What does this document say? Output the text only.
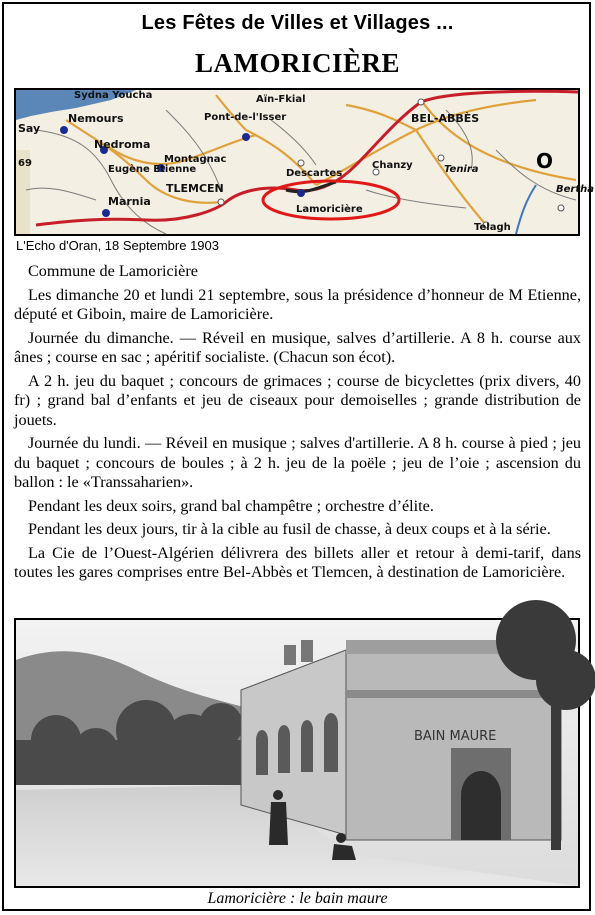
Les Fêtes de Villes et Villages ...
LAMORICIÈRE
Sydna Youcha
Nemours
Say
Nedroma
Eugène Etienne
Montagnac
Marnia
TLEMCEN
Pont-de-l'Isser
Aïn-Fkial
Descartes
Lamoricière
Chanzy	Tenira
BEL-ABBÈS
Telagh
Bertha
69	O
L'Echo d'Oran, 18 Septembre 1903

Commune de Lamoricière

Les dimanche 20 et lundi 21 septembre, sous la présidence d’honneur de M Etienne, député et Giboin, maire de Lamoricière.

Journée du dimanche. — Réveil en musique, salves d’artillerie. A 8 h. course aux ânes ; course en sac ; apéritif socialiste. (Chacun son écot).

A 2 h. jeu du baquet ; concours de grimaces ; course de bicyclettes (prix divers, 40 fr) ; grand bal d’enfants et jeu de ciseaux pour demoiselles ; grande distribution de jouets.

Journée du lundi. — Réveil en musique ; salves d'artillerie. A 8 h. course à pied ; jeu du baquet ; concours de boules ; à 2 h. jeu de la poële ; jeu de l’oie ; ascension du ballon : le «Transsaharien».

Pendant les deux soirs, grand bal champêtre ; orchestre d’élite.

Pendant les deux jours, tir à la cible au fusil de chasse, à deux coups et à la série.

La Cie de l’Ouest-Algérien délivrera des billets aller et retour à demi-tarif, dans toutes les gares comprises entre Bel-Abbès et Tlemcen, à destination de Lamoricière.

BAIN MAURE
Lamoricière : le bain maure
